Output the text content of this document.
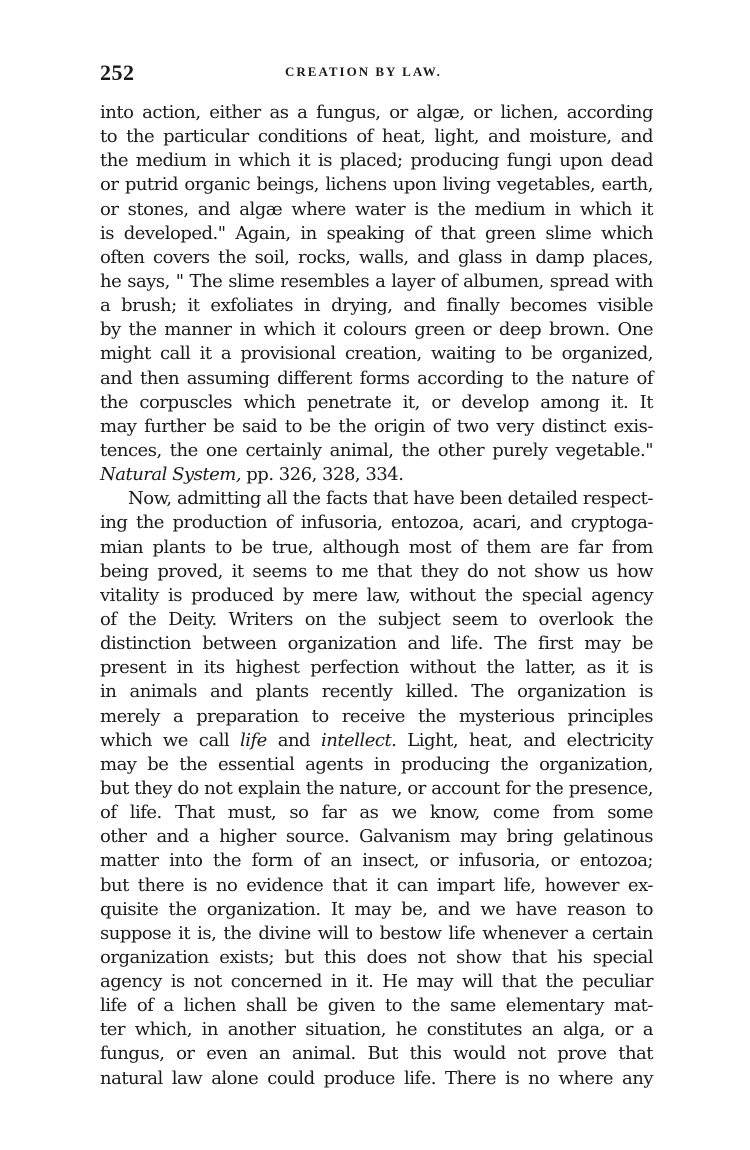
252	CREATION BY LAW.
into action, either as a fungus, or algæ, or lichen, according
to the particular conditions of heat, light, and moisture, and
the medium in which it is placed; producing fungi upon dead
or putrid organic beings, lichens upon living vegetables, earth,
or stones, and algæ where water is the medium in which it
is developed." Again, in speaking of that green slime which
often covers the soil, rocks, walls, and glass in damp places,
he says, " The slime resembles a layer of albumen, spread with
a brush; it exfoliates in drying, and finally becomes visible
by the manner in which it colours green or deep brown. One
might call it a provisional creation, waiting to be organized,
and then assuming different forms according to the nature of
the corpuscles which penetrate it, or develop among it. It
may further be said to be the origin of two very distinct exis-
tences, the one certainly animal, the other purely vegetable."
Natural System, pp. 326, 328, 334.
Now, admitting all the facts that have been detailed respect-
ing the production of infusoria, entozoa, acari, and cryptoga-
mian plants to be true, although most of them are far from
being proved, it seems to me that they do not show us how
vitality is produced by mere law, without the special agency
of the Deity. Writers on the subject seem to overlook the
distinction between organization and life. The first may be
present in its highest perfection without the latter, as it is
in animals and plants recently killed. The organization is
merely a preparation to receive the mysterious principles
which we call life and intellect. Light, heat, and electricity
may be the essential agents in producing the organization,
but they do not explain the nature, or account for the presence,
of life. That must, so far as we know, come from some
other and a higher source. Galvanism may bring gelatinous
matter into the form of an insect, or infusoria, or entozoa;
but there is no evidence that it can impart life, however ex-
quisite the organization. It may be, and we have reason to
suppose it is, the divine will to bestow life whenever a certain
organization exists; but this does not show that his special
agency is not concerned in it. He may will that the peculiar
life of a lichen shall be given to the same elementary mat-
ter which, in another situation, he constitutes an alga, or a
fungus, or even an animal. But this would not prove that
natural law alone could produce life. There is no where any
